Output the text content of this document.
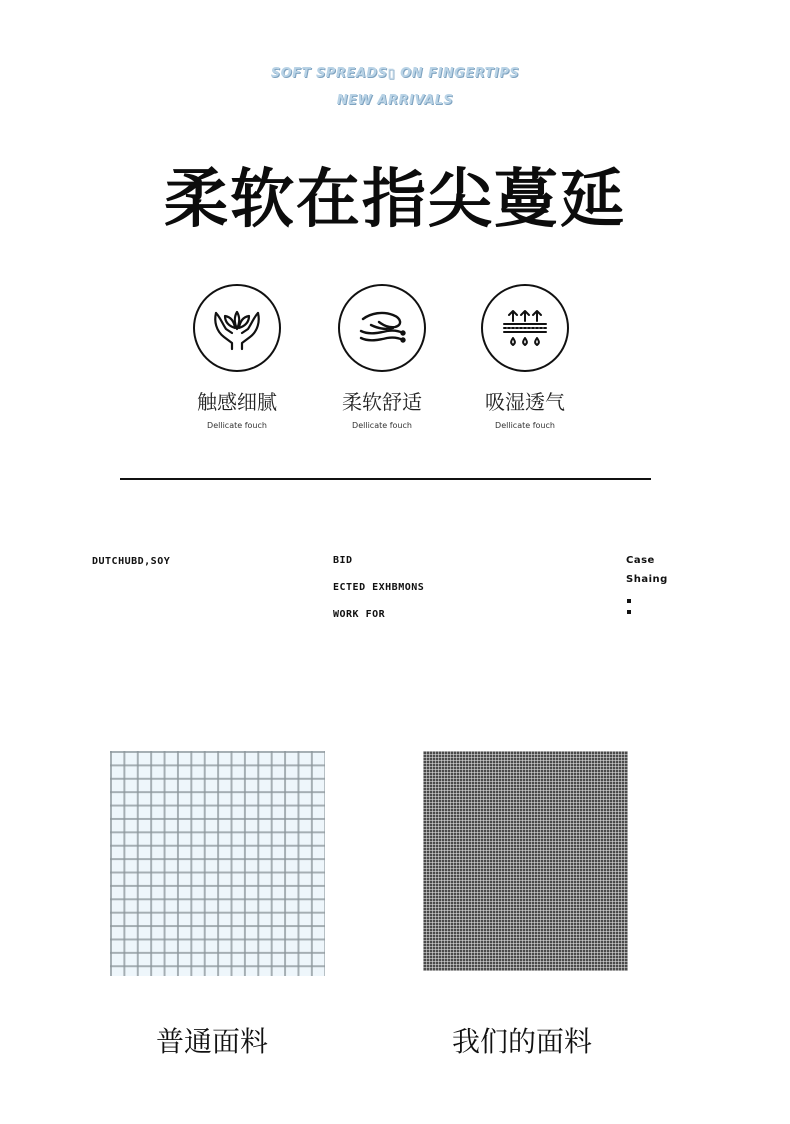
SOFT SPREADS▯ ON FINGERTIPS
NEW ARRIVALS
柔软在指尖蔓延
触感细腻
Dellicate fouch
柔软舒适
Dellicate fouch
吸湿透气
Dellicate fouch
DUTCHUBD,SOY	BID
ECTED EXHBMONS
WORK FOR
Case
Shaing
普通面料	我们的面料
